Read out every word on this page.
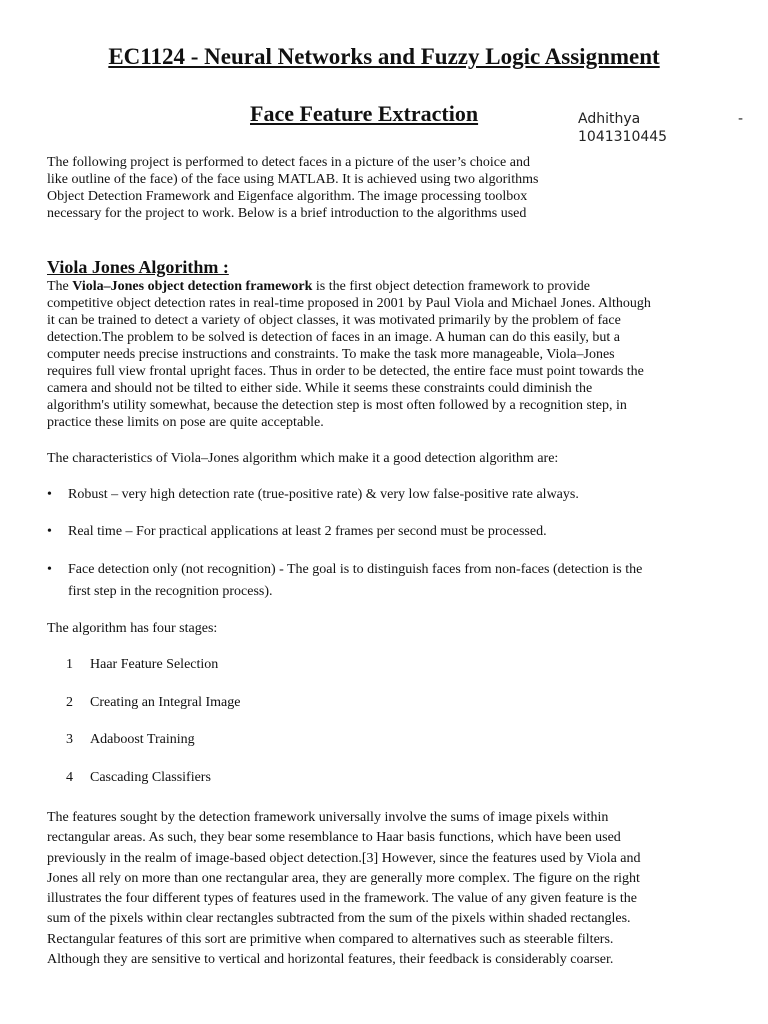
EC1124 - Neural Networks and Fuzzy Logic Assignment
Face Feature Extraction
The following project is performed to detect faces in a picture of the user’s choice and
like outline of the face) of the face using MATLAB. It is achieved using two algorithms
Object Detection Framework and Eigenface algorithm. The image processing toolbox
necessary for the project to work. Below is a brief introduction to the algorithms used
Adhithya	-
1041310445
Viola Jones Algorithm :
The Viola–Jones object detection framework is the first object detection framework to provide
competitive object detection rates in real-time proposed in 2001 by Paul Viola and Michael Jones. Although
it can be trained to detect a variety of object classes, it was motivated primarily by the problem of face
detection.The problem to be solved is detection of faces in an image. A human can do this easily, but a
computer needs precise instructions and constraints. To make the task more manageable, Viola–Jones
requires full view frontal upright faces. Thus in order to be detected, the entire face must point towards the
camera and should not be tilted to either side. While it seems these constraints could diminish the
algorithm's utility somewhat, because the detection step is most often followed by a recognition step, in
practice these limits on pose are quite acceptable.
The characteristics of Viola–Jones algorithm which make it a good detection algorithm are:
•	Robust – very high detection rate (true-positive rate) & very low false-positive rate always.
•	Real time – For practical applications at least 2 frames per second must be processed.
•	Face detection only (not recognition) - The goal is to distinguish faces from non-faces (detection is the
first step in the recognition process).
The algorithm has four stages:
1 Haar Feature Selection
2 Creating an Integral Image
3 Adaboost Training
4 Cascading Classifiers
The features sought by the detection framework universally involve the sums of image pixels within
rectangular areas. As such, they bear some resemblance to Haar basis functions, which have been used
previously in the realm of image-based object detection.[3] However, since the features used by Viola and
Jones all rely on more than one rectangular area, they are generally more complex. The figure on the right
illustrates the four different types of features used in the framework. The value of any given feature is the
sum of the pixels within clear rectangles subtracted from the sum of the pixels within shaded rectangles.
Rectangular features of this sort are primitive when compared to alternatives such as steerable filters.
Although they are sensitive to vertical and horizontal features, their feedback is considerably coarser.
